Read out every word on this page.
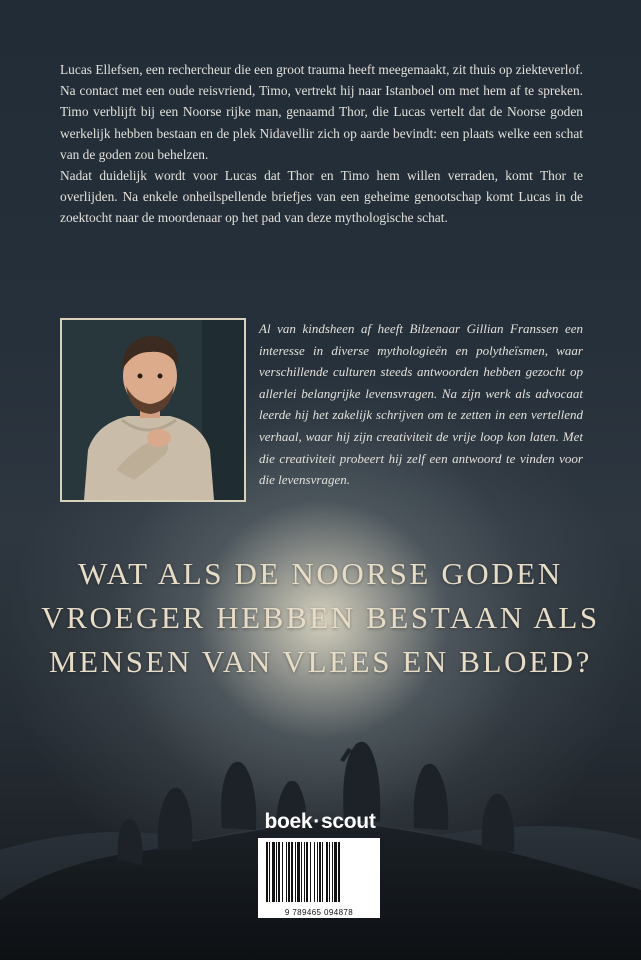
Lucas Ellefsen, een rechercheur die een groot trauma heeft meegemaakt, zit thuis op ziekteverlof. Na contact met een oude reisvriend, Timo, vertrekt hij naar Istanboel om met hem af te spreken. Timo verblijft bij een Noorse rijke man, genaamd Thor, die Lucas vertelt dat de Noorse goden werkelijk hebben bestaan en de plek Nidavellir zich op aarde bevindt: een plaats welke een schat van de goden zou behelzen.

Nadat duidelijk wordt voor Lucas dat Thor en Timo hem willen verraden, komt Thor te overlijden. Na enkele onheilspellende briefjes van een geheime genootschap komt Lucas in de zoektocht naar de moordenaar op het pad van deze mythologische schat.

Al van kindsheen af heeft Bilzenaar Gillian Franssen een interesse in diverse mythologieën en polytheïsmen, waar verschillende culturen steeds antwoorden hebben gezocht op allerlei belangrijke levensvragen. Na zijn werk als advocaat leerde hij het zakelijk schrijven om te zetten in een vertellend verhaal, waar hij zijn creativiteit de vrije loop kon laten. Met die creativiteit probeert hij zelf een antwoord te vinden voor die levensvragen.

WAT ALS DE NOORSE GODEN
VROEGER HEBBEN BESTAAN ALS
MENSEN VAN VLEES EN BLOED?
boek·scout
9 789465 094878
